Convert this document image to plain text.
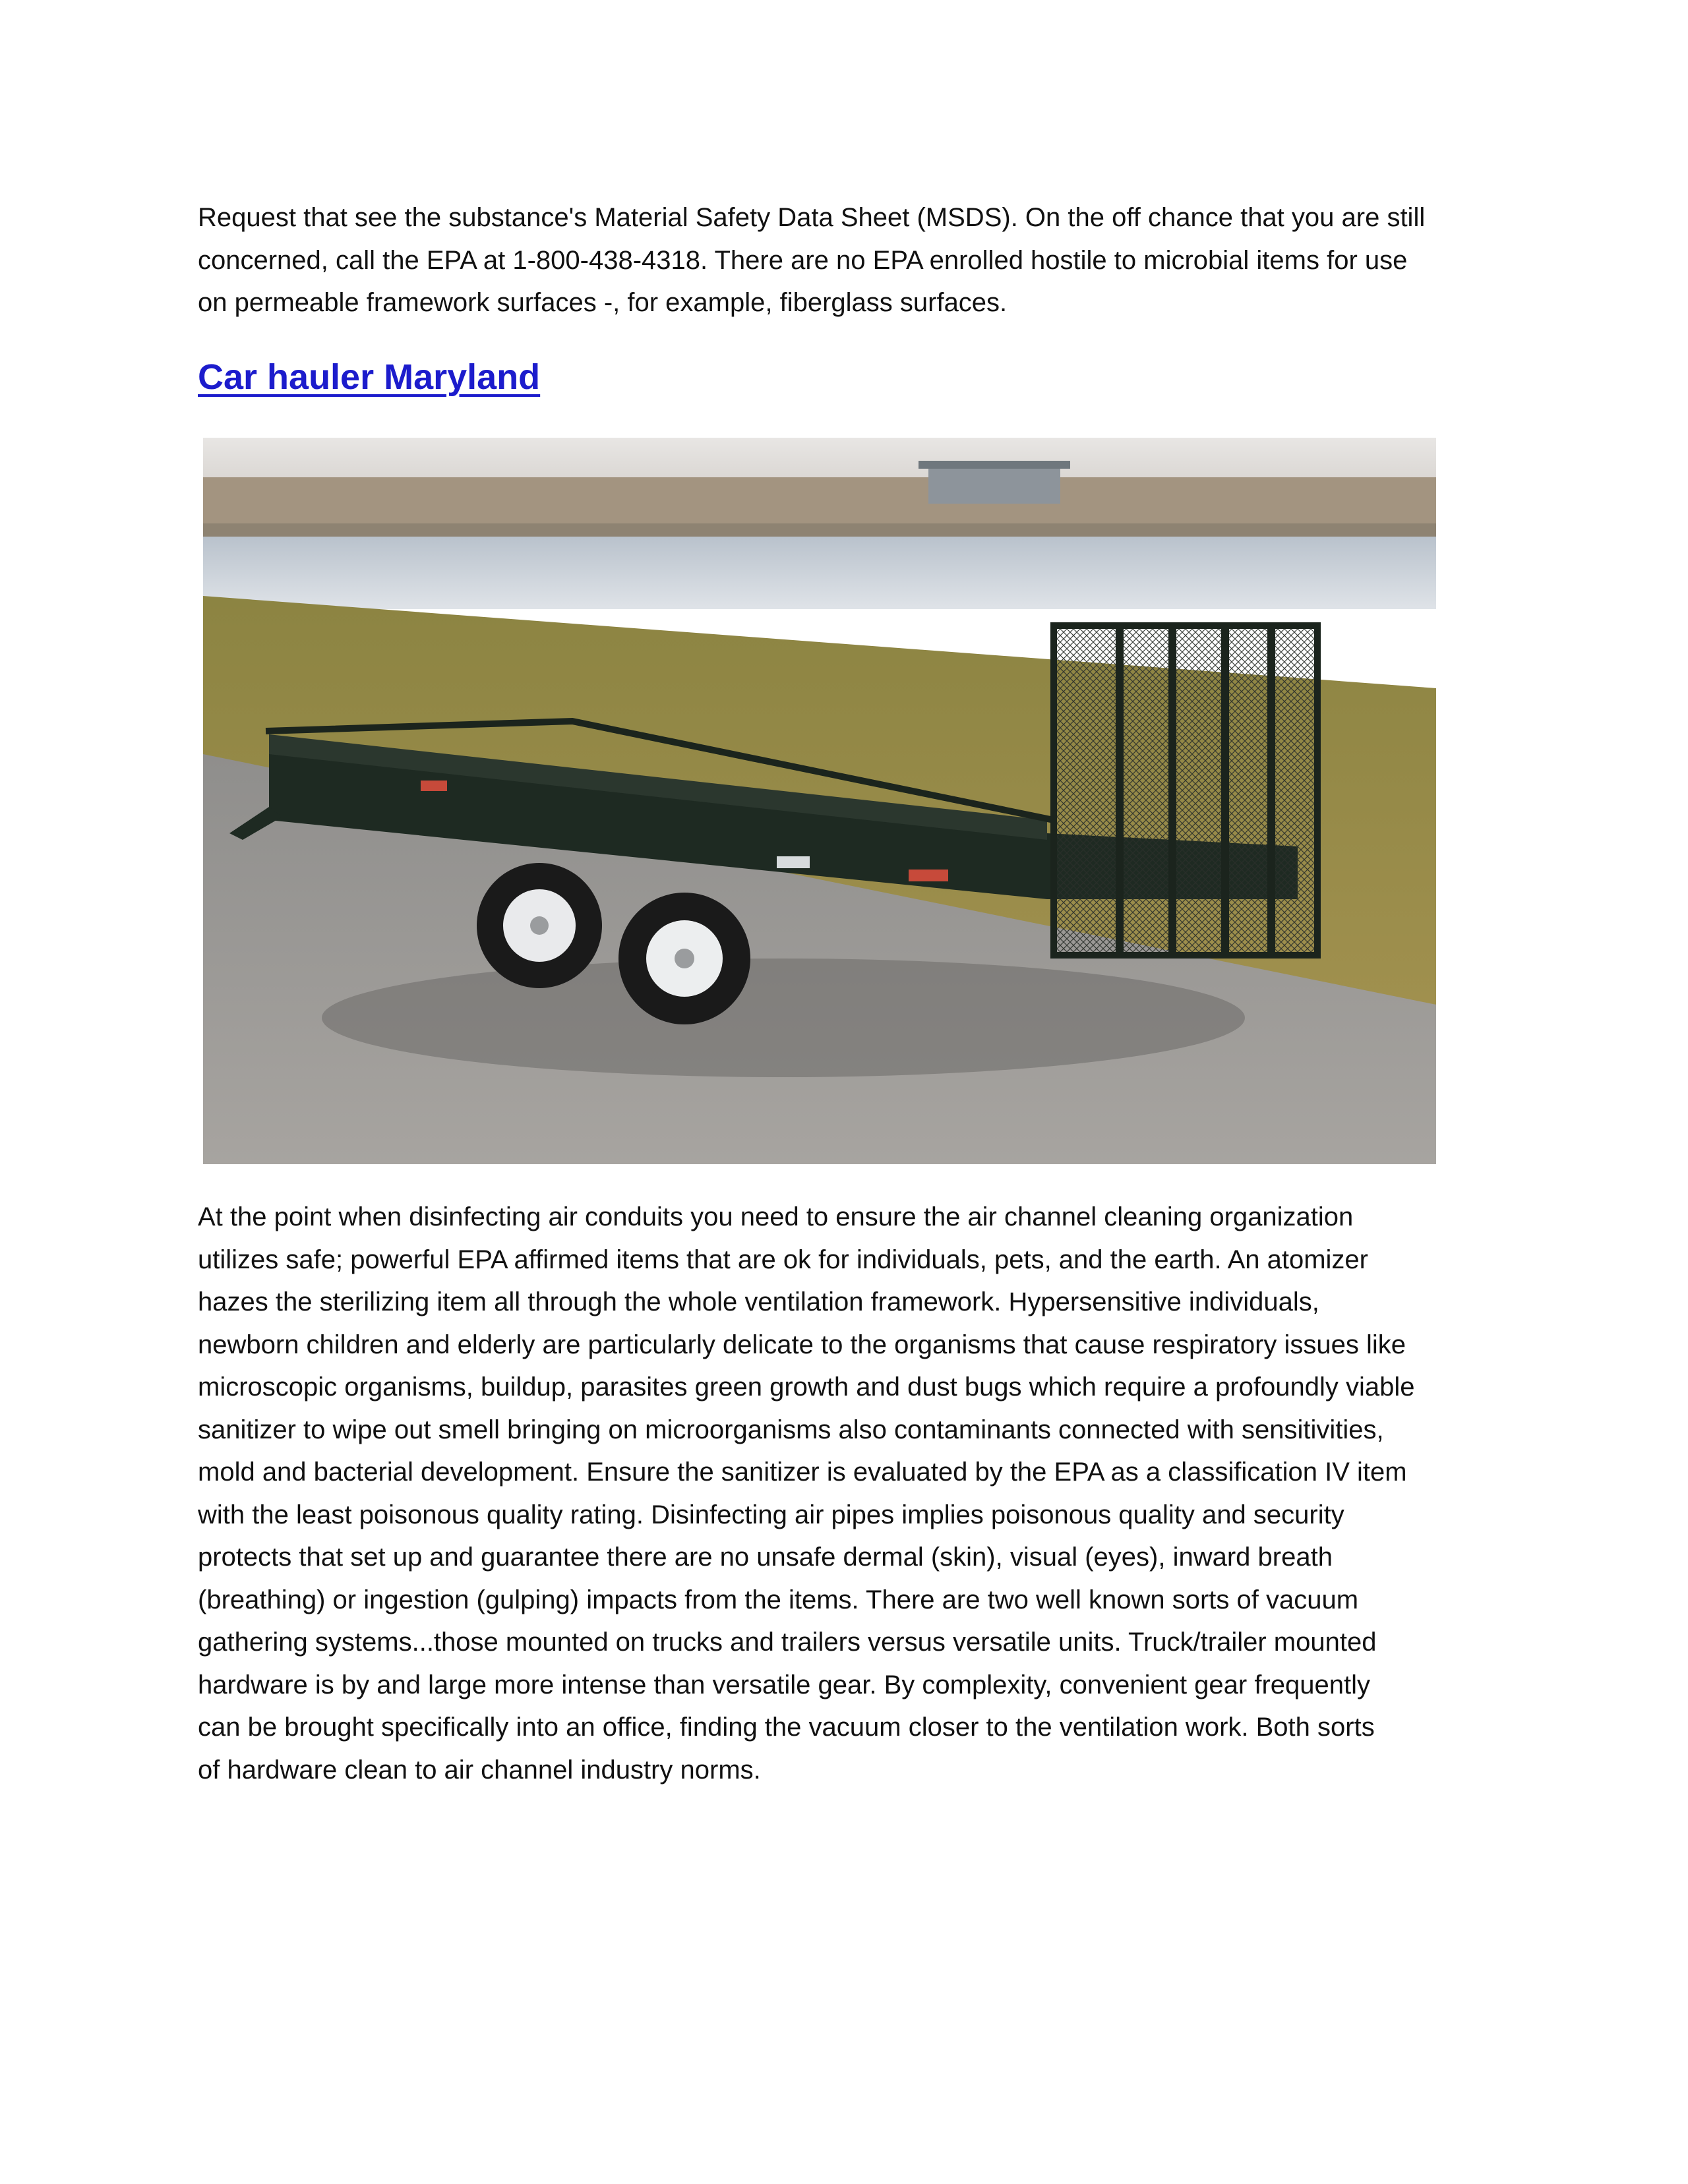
Request that see the substance's Material Safety Data Sheet (MSDS). On the off chance that you are still
concerned, call the EPA at 1-800-438-4318. There are no EPA enrolled hostile to microbial items for use
on permeable framework surfaces -, for example, fiberglass surfaces.

Car hauler Maryland

At the point when disinfecting air conduits you need to ensure the air channel cleaning organization
utilizes safe; powerful EPA affirmed items that are ok for individuals, pets, and the earth. An atomizer
hazes the sterilizing item all through the whole ventilation framework. Hypersensitive individuals,
newborn children and elderly are particularly delicate to the organisms that cause respiratory issues like
microscopic organisms, buildup, parasites green growth and dust bugs which require a profoundly viable
sanitizer to wipe out smell bringing on microorganisms also contaminants connected with sensitivities,
mold and bacterial development. Ensure the sanitizer is evaluated by the EPA as a classification IV item
with the least poisonous quality rating. Disinfecting air pipes implies poisonous quality and security
protects that set up and guarantee there are no unsafe dermal (skin), visual (eyes), inward breath
(breathing) or ingestion (gulping) impacts from the items. There are two well known sorts of vacuum
gathering systems...those mounted on trucks and trailers versus versatile units. Truck/trailer mounted
hardware is by and large more intense than versatile gear. By complexity, convenient gear frequently
can be brought specifically into an office, finding the vacuum closer to the ventilation work. Both sorts
of hardware clean to air channel industry norms.
